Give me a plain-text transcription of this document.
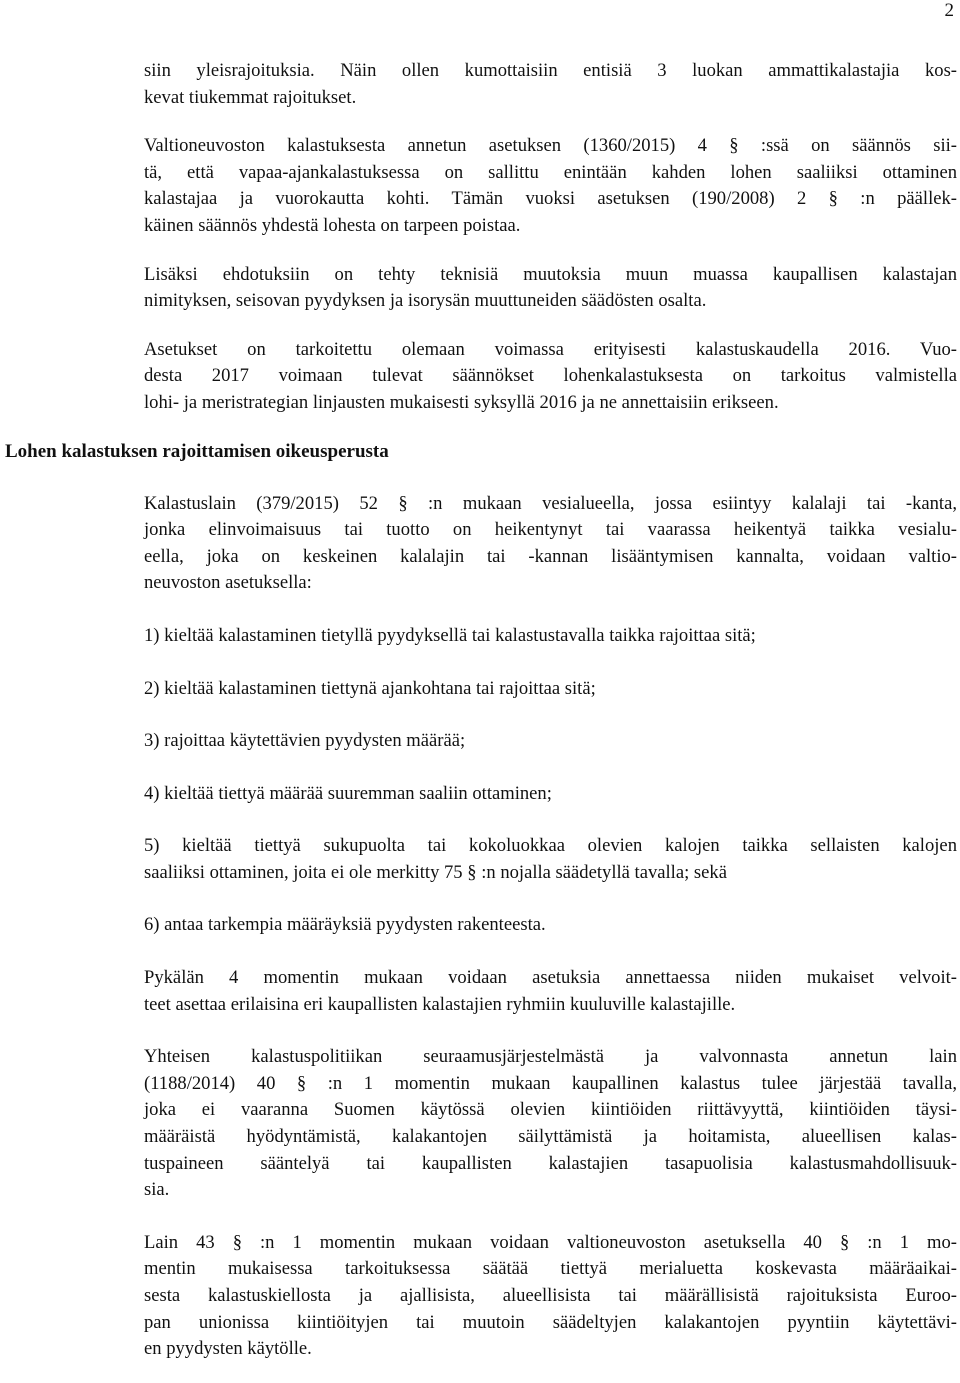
2

siin yleisrajoituksia. Näin ollen kumottaisiin entisiä 3 luokan ammattikalastajia kos-
kevat tiukemmat rajoitukset.

Valtioneuvoston kalastuksesta annetun asetuksen (1360/2015) 4 § :ssä on säännös sii-
tä, että vapaa-ajankalastuksessa on sallittu enintään kahden lohen saaliiksi ottaminen
kalastajaa ja vuorokautta kohti. Tämän vuoksi asetuksen (190/2008) 2 § :n päällek-
käinen säännös yhdestä lohesta on tarpeen poistaa.

Lisäksi ehdotuksiin on tehty teknisiä muutoksia muun muassa kaupallisen kalastajan
nimityksen, seisovan pyydyksen ja isorysän muuttuneiden säädösten osalta.

Asetukset on tarkoitettu olemaan voimassa erityisesti kalastuskaudella 2016. Vuo-
desta 2017 voimaan tulevat säännökset lohenkalastuksesta on tarkoitus valmistella
lohi- ja meristrategian linjausten mukaisesti syksyllä 2016 ja ne annettaisiin erikseen.

Lohen kalastuksen rajoittamisen oikeusperusta

Kalastuslain (379/2015) 52 § :n mukaan vesialueella, jossa esiintyy kalalaji tai -kanta,
jonka elinvoimaisuus tai tuotto on heikentynyt tai vaarassa heikentyä taikka vesialu-
eella, joka on keskeinen kalalajin tai -kannan lisääntymisen kannalta, voidaan valtio-
neuvoston asetuksella:

1) kieltää kalastaminen tietyllä pyydyksellä tai kalastustavalla taikka rajoittaa sitä;

2) kieltää kalastaminen tiettynä ajankohtana tai rajoittaa sitä;

3) rajoittaa käytettävien pyydysten määrää;

4) kieltää tiettyä määrää suuremman saaliin ottaminen;

5) kieltää tiettyä sukupuolta tai kokoluokkaa olevien kalojen taikka sellaisten kalojen
saaliiksi ottaminen, joita ei ole merkitty 75 § :n nojalla säädetyllä tavalla; sekä

6) antaa tarkempia määräyksiä pyydysten rakenteesta.

Pykälän 4 momentin mukaan voidaan asetuksia annettaessa niiden mukaiset velvoit-
teet asettaa erilaisina eri kaupallisten kalastajien ryhmiin kuuluville kalastajille.

Yhteisen kalastuspolitiikan seuraamusjärjestelmästä ja valvonnasta annetun lain
(1188/2014) 40 § :n 1 momentin mukaan kaupallinen kalastus tulee järjestää tavalla,
joka ei vaaranna Suomen käytössä olevien kiintiöiden riittävyyttä, kiintiöiden täysi-
määräistä hyödyntämistä, kalakantojen säilyttämistä ja hoitamista, alueellisen kalas-
tuspaineen sääntelyä tai kaupallisten kalastajien tasapuolisia kalastusmahdollisuuk-
sia.

Lain 43 § :n 1 momentin mukaan voidaan valtioneuvoston asetuksella 40 § :n 1 mo-
mentin mukaisessa tarkoituksessa säätää tiettyä merialuetta koskevasta määräaikai-
sesta kalastuskiellosta ja ajallisista, alueellisista tai määrällisistä rajoituksista Euroo-
pan unionissa kiintiöityjen tai muutoin säädeltyjen kalakantojen pyyntiin käytettävi-
en pyydysten käytölle.
